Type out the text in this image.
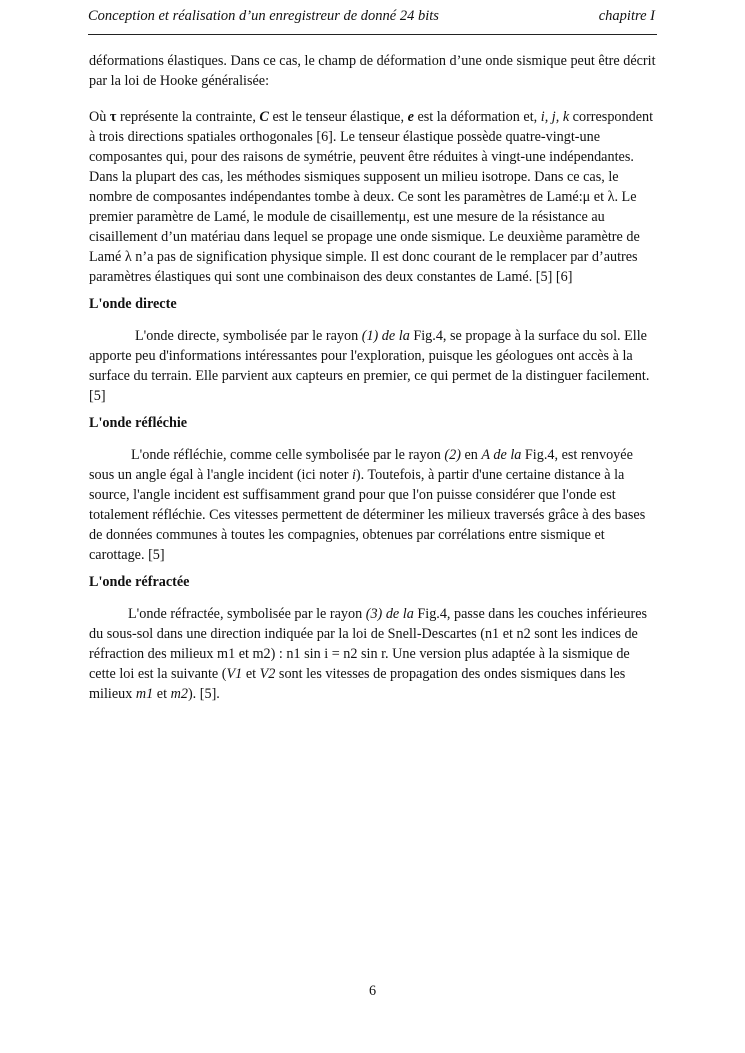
Conception et réalisation d’un enregistreur de donné 24 bits	chapitre I

déformations élastiques. Dans ce cas, le champ de déformation d’une onde sismique peut être décrit par la loi de Hooke généralisée:

Où τ représente la contrainte, C est le tenseur élastique, e est la déformation et, i, j, k correspondent à trois directions spatiales orthogonales [6]. Le tenseur élastique possède quatre-vingt-une composantes qui, pour des raisons de symétrie, peuvent être réduites à vingt-une indépendantes. Dans la plupart des cas, les méthodes sismiques supposent un milieu isotrope. Dans ce cas, le nombre de composantes indépendantes tombe à deux. Ce sont les paramètres de Lamé:μ et λ. Le premier paramètre de Lamé, le module de cisaillementμ, est une mesure de la résistance au cisaillement d’un matériau dans lequel se propage une onde sismique. Le deuxième paramètre de Lamé λ n’a pas de signification physique simple. Il est donc courant de le remplacer par d’autres paramètres élastiques qui sont une combinaison des deux constantes de Lamé. [5] [6]

L'onde directe

L'onde directe, symbolisée par le rayon (1) de la Fig.4, se propage à la surface du sol. Elle apporte peu d'informations intéressantes pour l'exploration, puisque les géologues ont accès à la surface du terrain. Elle parvient aux capteurs en premier, ce qui permet de la distinguer facilement. [5]

L'onde réfléchie

L'onde réfléchie, comme celle symbolisée par le rayon (2) en A de la Fig.4, est renvoyée sous un angle égal à l'angle incident (ici noter i). Toutefois, à partir d'une certaine distance à la source, l'angle incident est suffisamment grand pour que l'on puisse considérer que l'onde est totalement réfléchie. Ces vitesses permettent de déterminer les milieux traversés grâce à des bases de données communes à toutes les compagnies, obtenues par corrélations entre sismique et carottage. [5]

L'onde réfractée

L'onde réfractée, symbolisée par le rayon (3) de la Fig.4, passe dans les couches inférieures du sous-sol dans une direction indiquée par la loi de Snell-Descartes (n1 et n2 sont les indices de réfraction des milieux m1 et m2) : n1 sin i = n2 sin r. Une version plus adaptée à la sismique de cette loi est la suivante (V1 et V2 sont les vitesses de propagation des ondes sismiques dans les milieux m1 et m2). [5].

6
